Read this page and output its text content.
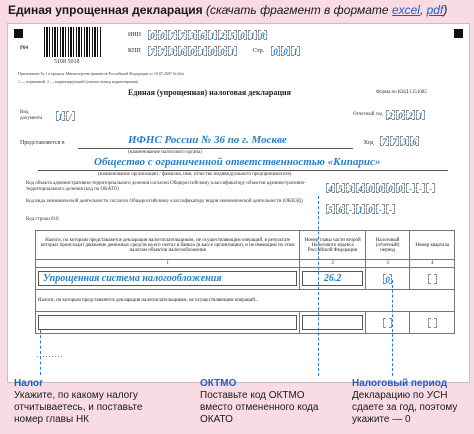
Единая упрощенная декларация (скачать фрагмент в формате excel, pdf)
Р04
5108 5018
ИНН 0 0 7 7 3 6 1 2 5 0 1 8
КПП 7 7 3 6 0 1 0 0 1	Стр. 0 0 1
Приложение № 1 к приказу Министерства финансов Российской Федерации от 10.07.2007 № 62н
1 — первичный, 3 — корректирующий (указать номер корректировки)
Форма по КНД 1151085
Единая (упрощенная) налоговая декларация
Вид документа	1 /	Отчетный год 2 0 2 1
Представляется в	ИФНС России № 36 по г. Москве
(наименование налогового органа)
Код 7 7 3 6
Общество с ограниченной ответственностью «Кипарис»
(наименование организации / фамилия, имя, отчество индивидуального предпринимателя)
Код объекта административно-территориального деления согласно Общероссийскому классификатору объектов административно-территориального деления (код по ОКАТО)	4 5 3 4 0 0 0 0 - - -
Код вида экономической деятельности согласно Общероссийскому классификатору видов экономической деятельности (ОКВЭД)
5 6 - 1 0 - -
Код строки 010
Налоги, по которым представляется декларация налогоплательщиком, не осуществляющим операций, в результате которых происходит движение денежных средств на его счетах в банках (в кассе организации), и не имеющим по этим налогам объектов налогообложения	Номер главы части второй Налогового кодекса Российской Федерации	Налоговый (отчетный) период	Номер квартала
1	2	3	4

Упрощенная система налогообложения	26.2	0	

Налоги, по которым представляется декларация налогоплательщиком, не осуществляющим операций...			

⋯⋯⋯
Налог
Укажите, по какому налогу отчитываетесь, и поставьте номер главы НК
ОКТМО
Поставьте код ОКТМО вместо отмененного кода ОКАТО
Налоговый период
Декларацию по УСН сдаете за год, поэтому укажите — 0
